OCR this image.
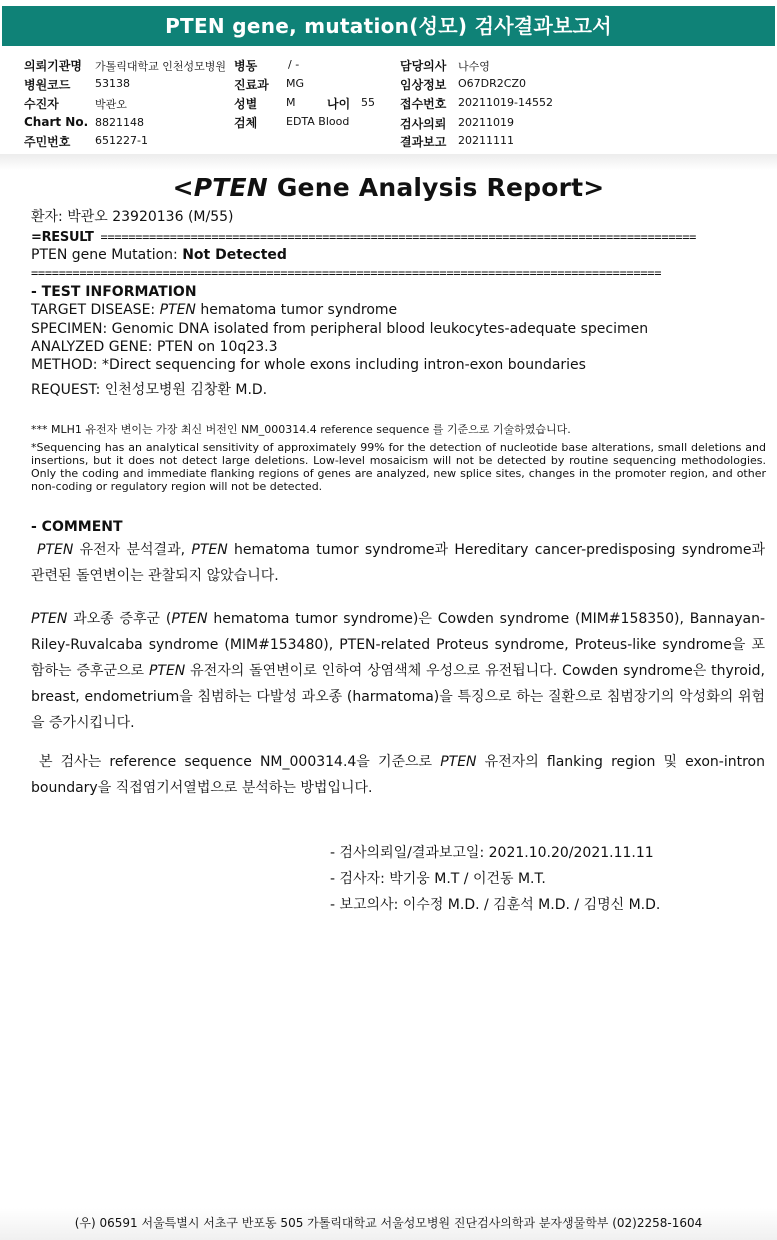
PTEN gene, mutation(성모) 검사결과보고서
의뢰기관명 가톨릭대학교 인천성모병원 병동	/ -	담당의사 나수영
병원코드 53138	진료과 MG	임상정보 O67DR2CZ0
수진자	박관오	성별	M	나이 55 접수번호 20211019-14552
Chart No. 8821148	검체	EDTA Blood	검사의뢰 20211019
주민번호 651227-1	결과보고 20211111
<PTEN Gene Analysis Report>
환자: 박관오 23920136 (M/55)
=RESULT ======================================================================================
PTEN gene Mutation: Not Detected
===========================================================================================
- TEST INFORMATION
TARGET DISEASE: PTEN hematoma tumor syndrome
SPECIMEN: Genomic DNA isolated from peripheral blood leukocytes-adequate specimen
ANALYZED GENE: PTEN on 10q23.3
METHOD: *Direct sequencing for whole exons including intron-exon boundaries
REQUEST: 인천성모병원 김창환 M.D.
*** MLH1 유전자 변이는 가장 최신 버전인 NM_000314.4 reference sequence 를 기준으로 기술하였습니다.
*Sequencing has an analytical sensitivity of approximately 99% for the detection of nucleotide base alterations, small deletions and insertions, but it does not detect large deletions. Low-level mosaicism will not be detected by routine sequencing methodologies. Only the coding and immediate flanking regions of genes are analyzed, new splice sites, changes in the promoter region, and other non-coding or regulatory region will not be detected.
- COMMENT
PTEN 유전자 분석결과, PTEN hematoma tumor syndrome과 Hereditary cancer-predisposing syndrome과 관련된 돌연변이는 관찰되지 않았습니다.
PTEN 과오종 증후군 (PTEN hematoma tumor syndrome)은 Cowden syndrome (MIM#158350), Bannayan-Riley-Ruvalcaba syndrome (MIM#153480), PTEN-related Proteus syndrome, Proteus-like syndrome을 포함하는 증후군으로 PTEN 유전자의 돌연변이로 인하여 상염색체 우성으로 유전됩니다. Cowden syndrome은 thyroid, breast, endometrium을 침범하는 다발성 과오종 (harmatoma)을 특징으로 하는 질환으로 침범장기의 악성화의 위험을 증가시킵니다.
본 검사는 reference sequence NM_000314.4을 기준으로 PTEN 유전자의 flanking region 및 exon-intron boundary을 직접염기서열법으로 분석하는 방법입니다.
- 검사의뢰일/결과보고일: 2021.10.20/2021.11.11
- 검사자: 박기웅 M.T / 이건동 M.T.
- 보고의사: 이수정 M.D. / 김훈석 M.D. / 김명신 M.D.
(우) 06591 서울특별시 서초구 반포동 505 가톨릭대학교 서울성모병원 진단검사의학과 분자생물학부 (02)2258-1604
